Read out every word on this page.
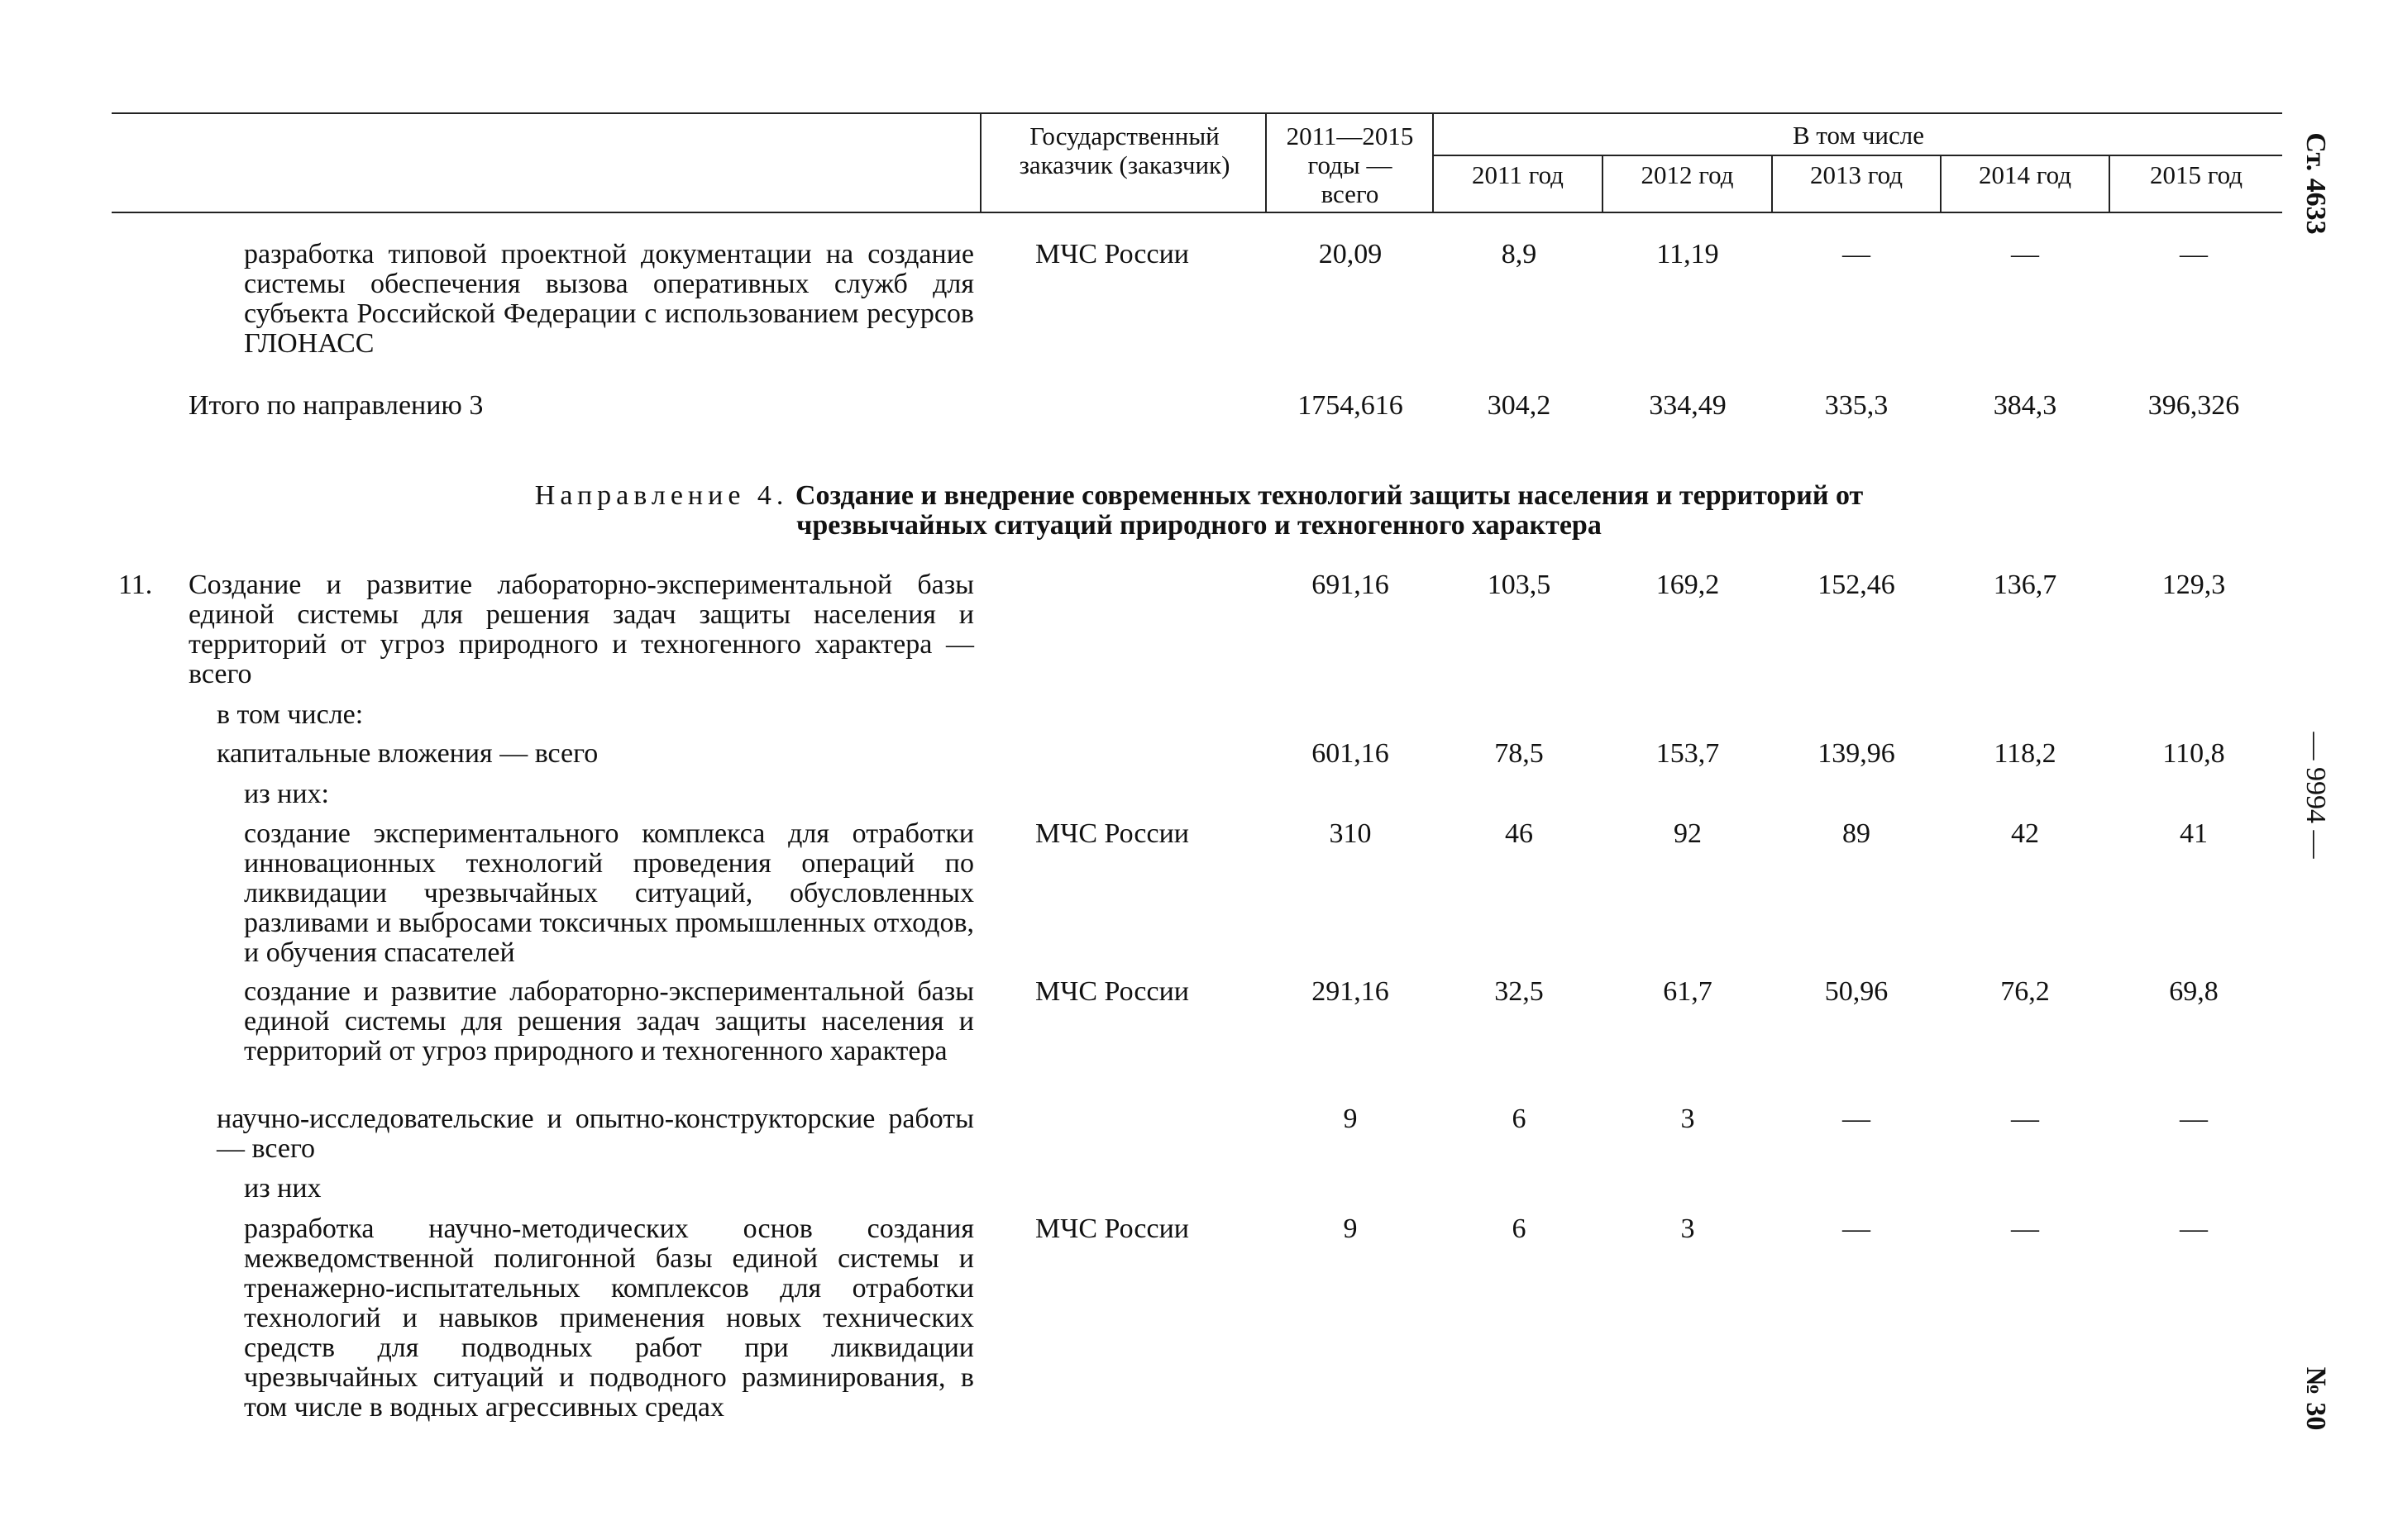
Государственный заказчик (заказчик)
2011—2015 годы — всего
В том числе
2011 год	2012 год	2013 год	2014 год	2015 год
разработка типовой проектной документации на создание системы обеспечения вызова оперативных служб для субъекта Российской Федерации с использованием ресурсов ГЛОНАСС
МЧС России	20,09	8,9	11,19	—	—	—
Итого по направлению 3	1754,616	304,2	334,49	335,3	384,3	396,326
Направление 4. Создание и внедрение современных технологий защиты населения и территорий от чрезвычайных ситуаций природного и техногенного характера
11. Создание и развитие лабораторно-экспериментальной базы единой системы для решения задач защиты населения и территорий от угроз природного и техногенного характера — всего
691,16	103,5	169,2	152,46	136,7	129,3
в том числе:
капитальные вложения — всего	601,16	78,5	153,7	139,96	118,2	110,8
из них:
создание экспериментального комплекса для отработки инновационных технологий проведения операций по ликвидации чрезвычайных ситуаций, обусловленных разливами и выбросами токсичных промышленных отходов, и обучения спасателей
МЧС России	310	46	92	89	42	41
создание и развитие лабораторно-экспериментальной базы единой системы для решения задач защиты населения и территорий от угроз природного и техногенного характера
МЧС России	291,16	32,5	61,7	50,96	76,2	69,8
научно-исследовательские и опытно-конструкторские работы — всего
9	6	3	—	—	—
из них
разработка научно-методических основ создания межведомственной полигонной базы единой системы и тренажерно-испытательных комплексов для отработки технологий и навыков применения новых технических средств для подводных работ при ликвидации чрезвычайных ситуаций и подводного разминирования, в том числе в водных агрессивных средах
МЧС России	9	6	3	—	—	—
Ст. 4633
— 9994 —
№ 30
